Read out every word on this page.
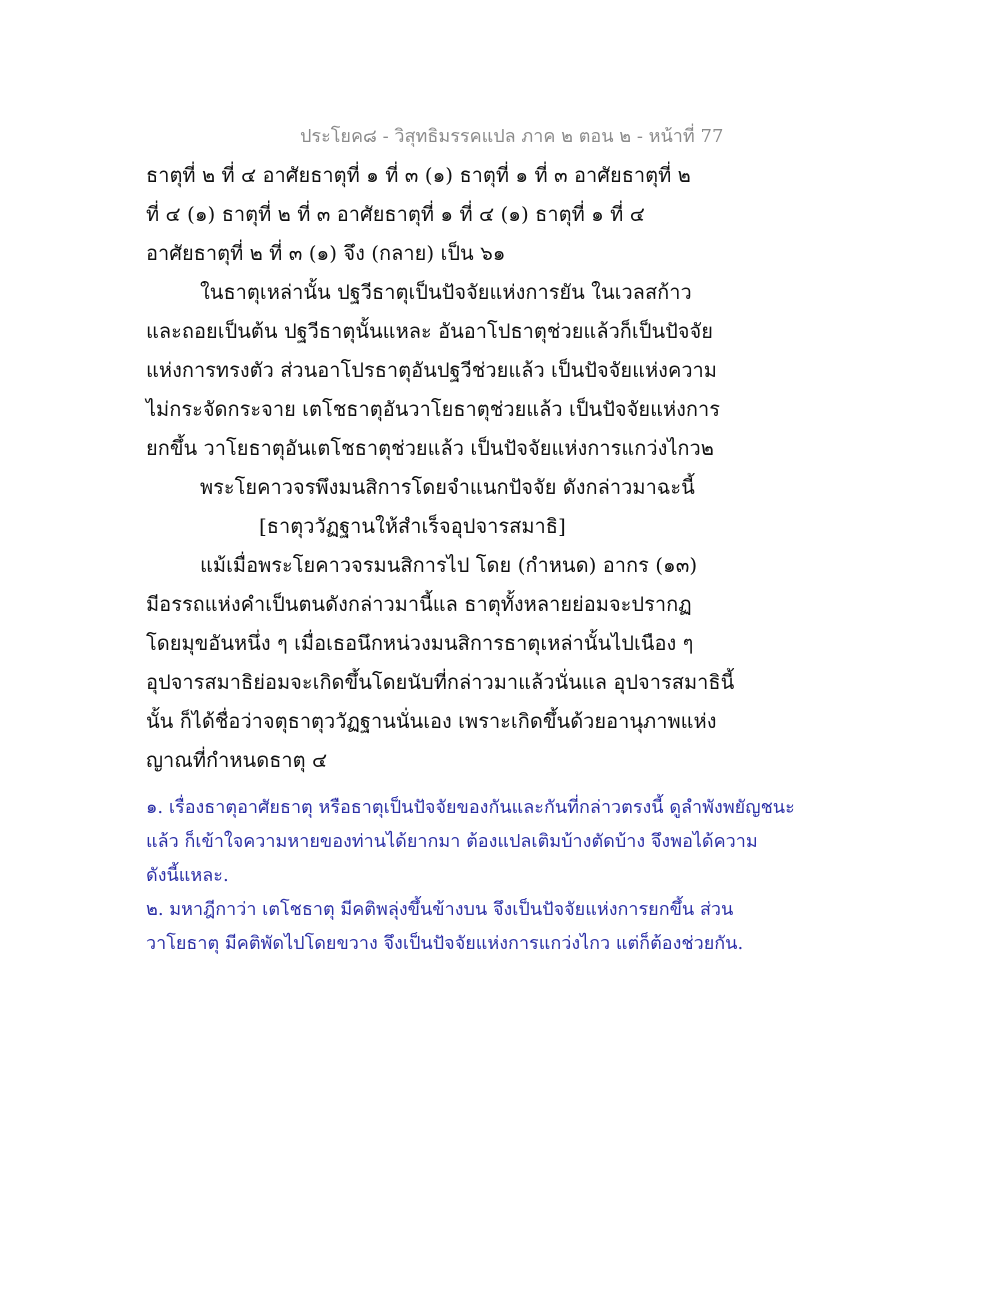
ประโยค๘ - วิสุทธิมรรคแปล ภาค ๒ ตอน ๒ - หน้าที่ 77
ธาตุที่ ๒ ที่ ๔ อาศัยธาตุที่ ๑ ที่ ๓ (๑) ธาตุที่ ๑ ที่ ๓ อาศัยธาตุที่ ๒
ที่ ๔ (๑) ธาตุที่ ๒ ที่ ๓ อาศัยธาตุที่ ๑ ที่ ๔ (๑) ธาตุที่ ๑ ที่ ๔
อาศัยธาตุที่ ๒ ที่ ๓ (๑) จึง (กลาย) เป็น ๖๑
ในธาตุเหล่านั้น ปฐวีธาตุเป็นปัจจัยแห่งการยัน ในเวลสก้าว
และถอยเป็นต้น ปฐวีธาตุนั้นแหละ อันอาโปธาตุช่วยแล้วก็เป็นปัจจัย
แห่งการทรงตัว ส่วนอาโปรธาตุอันปฐวีช่วยแล้ว เป็นปัจจัยแห่งความ
ไม่กระจัดกระจาย เตโชธาตุอันวาโยธาตุช่วยแล้ว เป็นปัจจัยแห่งการ
ยกขึ้น วาโยธาตุอันเตโชธาตุช่วยแล้ว เป็นปัจจัยแห่งการแกว่งไกว๒
พระโยคาวจรพึงมนสิการโดยจำแนกปัจจัย ดังกล่าวมาฉะนี้
[ธาตุววัฏฐานให้สำเร็จอุปจารสมาธิ]
แม้เมื่อพระโยคาวจรมนสิการไป โดย (กำหนด) อากร (๑๓)
มีอรรถแห่งคำเป็นตนดังกล่าวมานี้แล ธาตุทั้งหลายย่อมจะปรากฏ
โดยมุขอันหนึ่ง ๆ เมื่อเธอนึกหน่วงมนสิการธาตุเหล่านั้นไปเนือง ๆ
อุปจารสมาธิย่อมจะเกิดขึ้นโดยนับที่กล่าวมาแล้วนั่นแล อุปจารสมาธินี้
นั้น ก็ได้ชื่อว่าจตุธาตุววัฏฐานนั่นเอง เพราะเกิดขึ้นด้วยอานุภาพแห่ง
ญาณที่กำหนดธาตุ ๔
๑. เรื่องธาตุอาศัยธาตุ หรือธาตุเป็นปัจจัยของกันและกันที่กล่าวตรงนี้ ดูลำพังพยัญชนะ
แล้ว ก็เข้าใจความหายของท่านได้ยากมา ต้องแปลเติมบ้างตัดบ้าง จึงพอได้ความ
ดังนี้แหละ.
๒. มหาฎีกาว่า เตโชธาตุ มีคติพลุ่งขึ้นข้างบน จึงเป็นปัจจัยแห่งการยกขึ้น ส่วน
วาโยธาตุ มีคติพัดไปโดยขวาง จึงเป็นปัจจัยแห่งการแกว่งไกว แต่ก็ต้องช่วยกัน.
